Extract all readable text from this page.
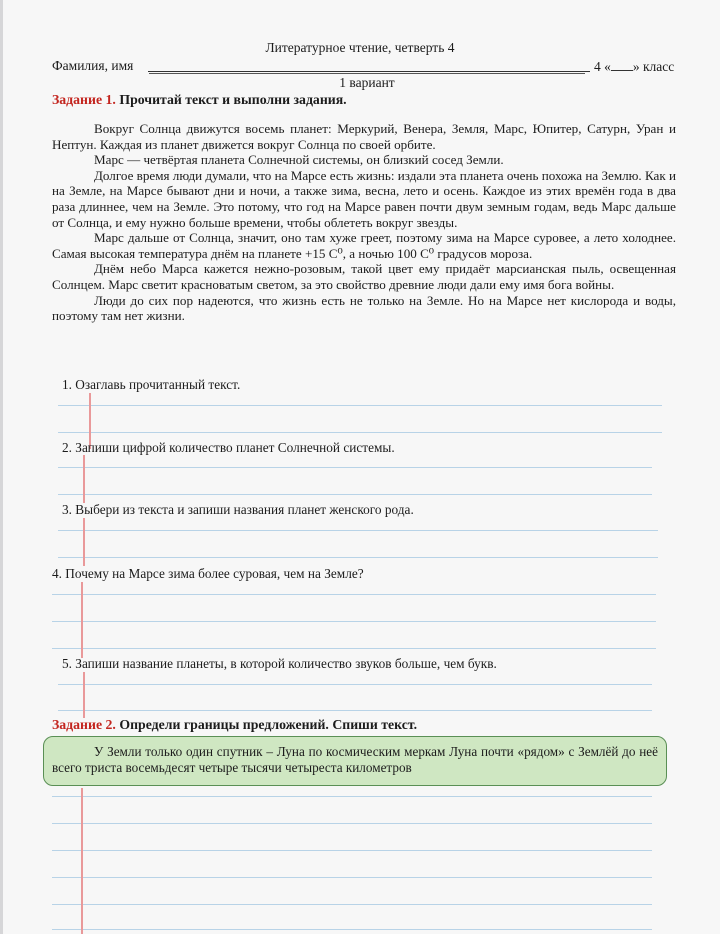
Литературное чтение, четверть 4
Фамилия, имя	4 « » класс
1 вариант
Задание 1. Прочитай текст и выполни задания.

Вокруг Солнца движутся восемь планет: Меркурий, Венера, Земля, Марс, Юпитер, Сатурн, Уран и Нептун. Каждая из планет движется вокруг Солнца по своей орбите.

Марс — четвёртая планета Солнечной системы, он близкий сосед Земли.

Долгое время люди думали, что на Марсе есть жизнь: издали эта планета очень похожа на Землю. Как и на Земле, на Марсе бывают дни и ночи, а также зима, весна, лето и осень. Каждое из этих времён года в два раза длиннее, чем на Земле. Это потому, что год на Марсе равен почти двум земным годам, ведь Марс дальше от Солнца, и ему нужно больше времени, чтобы облететь вокруг звезды.

Марс дальше от Солнца, значит, оно там хуже греет, поэтому зима на Марсе суровее, а лето холоднее. Самая высокая температура днём на планете +15 С⁰, а ночью 100 С⁰ градусов мороза.

Днём небо Марса кажется нежно-розовым, такой цвет ему придаёт марсианская пыль, освещенная Солнцем. Марс светит красноватым светом, за это свойство древние люди дали ему имя бога войны.

Люди до сих пор надеются, что жизнь есть не только на Земле. Но на Марсе нет кислорода и воды, поэтому там нет жизни.

1. Озаглавь прочитанный текст.
2. Запиши цифрой количество планет Солнечной системы.
3. Выбери из текста и запиши названия планет женского рода.
4. Почему на Марсе зима более суровая, чем на Земле?
5. Запиши название планеты, в которой количество звуков больше, чем букв.
Задание 2. Определи границы предложений. Спиши текст.

У Земли только один спутник – Луна по космическим меркам Луна почти «рядом» с Землёй до неё всего триста восемьдесят четыре тысячи четыреста километров
